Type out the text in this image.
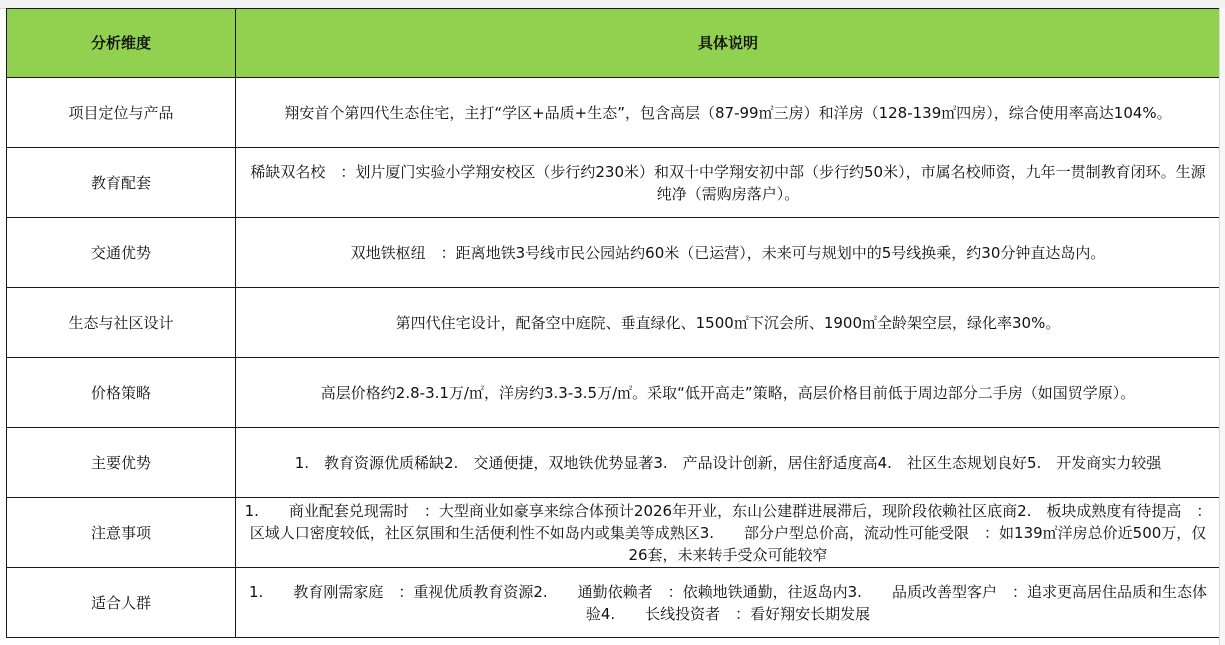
分析维度	具体说明
项目定位与产品	翔安首个第四代生态住宅，主打“学区+品质+生态”，包含高层（87-99㎡三房）和洋房（128-139㎡四房），综合使用率高达104%。
教育配套	稀缺双名校　：划片厦门实验小学翔安校区（步行约230米）和双十中学翔安初中部（步行约50米），市属名校师资，九年一贯制教育闭环。生源纯净（需购房落户）。
交通优势	双地铁枢纽　：距离地铁3号线市民公园站约60米（已运营），未来可与规划中的5号线换乘，约30分钟直达岛内。
生态与社区设计	第四代住宅设计，配备空中庭院、垂直绿化、1500㎡下沉会所、1900㎡全龄架空层，绿化率30%。
价格策略	高层价格约2.8-3.1万/㎡，洋房约3.3-3.5万/㎡。采取“低开高走”策略，高层价格目前低于周边部分二手房（如国贸学原）。
主要优势	1.　教育资源优质稀缺2.　交通便捷，双地铁优势显著3.　产品设计创新，居住舒适度高4.　社区生态规划良好5.　开发商实力较强
注意事项	1.　　商业配套兑现需时　：大型商业如豪享来综合体预计2026年开业，东山公建群进展滞后，现阶段依赖社区底商2.　板块成熟度有待提高　：区域人口密度较低，社区氛围和生活便利性不如岛内或集美等成熟区3.　　部分户型总价高，流动性可能受限　：如139㎡洋房总价近500万，仅26套，未来转手受众可能较窄
适合人群	1.　　教育刚需家庭　：重视优质教育资源2.　　通勤依赖者　：依赖地铁通勤，往返岛内3.　　品质改善型客户　：追求更高居住品质和生态体验4.　　长线投资者　：看好翔安长期发展
